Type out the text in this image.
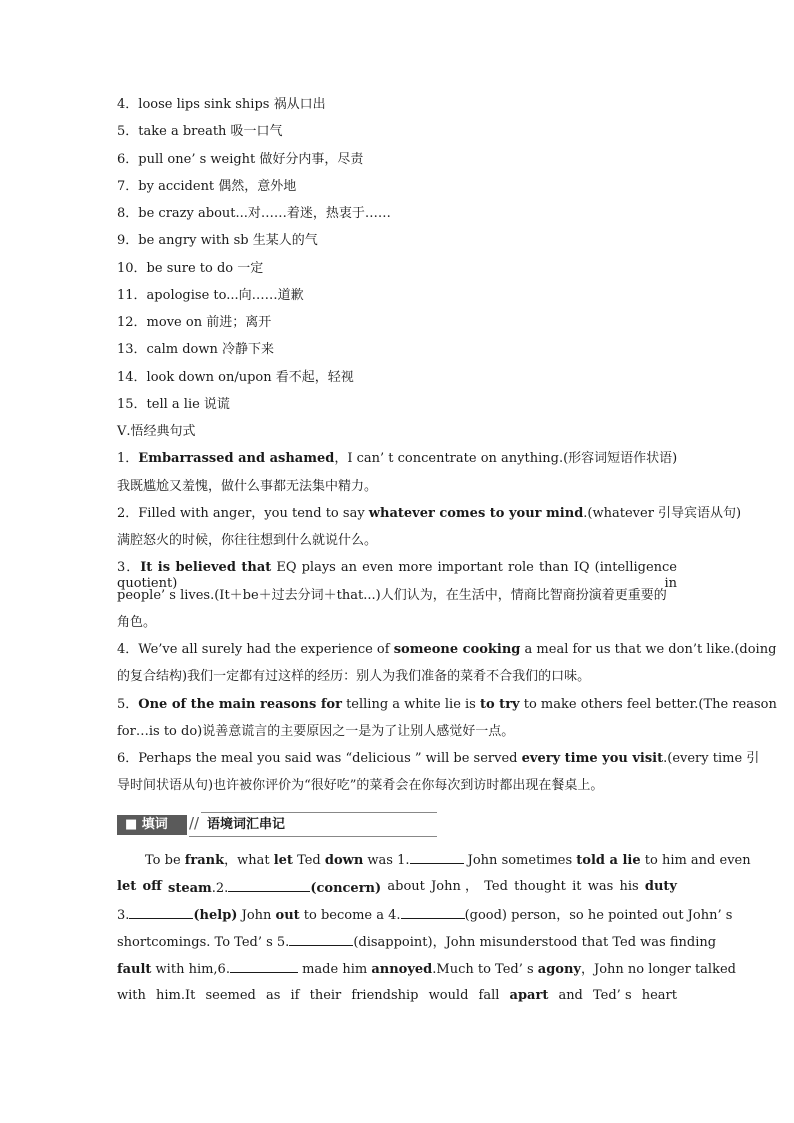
4．loose lips sink ships 祸从口出
5．take a breath 吸一口气
6．pull one’ s weight 做好分内事，尽责
7．by accident 偶然，意外地
8．be crazy about...对……着迷，热衷于……
9．be angry with sb 生某人的气
10．be sure to do 一定
11．apologise to...向……道歉
12．move on 前进；离开
13．calm down 冷静下来
14．look down on/upon 看不起，轻视
15．tell a lie 说谎
Ⅴ.悟经典句式
1．Embarrassed and ashamed，I can’ t concentrate on anything.(形容词短语作状语)
我既尴尬又羞愧，做什么事都无法集中精力。
2．Filled with anger，you tend to say whatever comes to your mind.(whatever 引导宾语从句)
满腔怒火的时候，你往往想到什么就说什么。
3．It is believed that EQ plays an even more important role than IQ (intelligence quotient) in
people’ s lives.(It＋be＋过去分词＋that...)人们认为，在生活中，情商比智商扮演着更重要的
角色。
4．We’ve all surely had the experience of someone cooking a meal for us that we don’t like.(doing
的复合结构)我们一定都有过这样的经历：别人为我们准备的菜肴不合我们的口味。
5．One of the main reasons for telling a white lie is to try to make others feel better.(The reason
for…is to do)说善意谎言的主要原因之一是为了让别人感觉好一点。
6．Perhaps the meal you said was “delicious ” will be served every time you visit.(every time 引
导时间状语从句)也许被你评价为“很好吃”的菜肴会在你每次到访时都出现在餐桌上。
■ 填词	// 语境词汇串记
To be frank，what let Ted down was 1.	John sometimes told a lie to him and even
let off steam.2.	(concern) about John ， Ted thought it was his duty
3.	(help) John out to become a 4.	(good) person，so he pointed out John’ s
shortcomings. To Ted’ s 5.	(disappoint)，John misunderstood that Ted was finding
fault with him,6.	made him annoyed.Much to Ted’ s agony，John no longer talked
with him.It seemed as if their friendship would fall apart and Ted’ s heart
